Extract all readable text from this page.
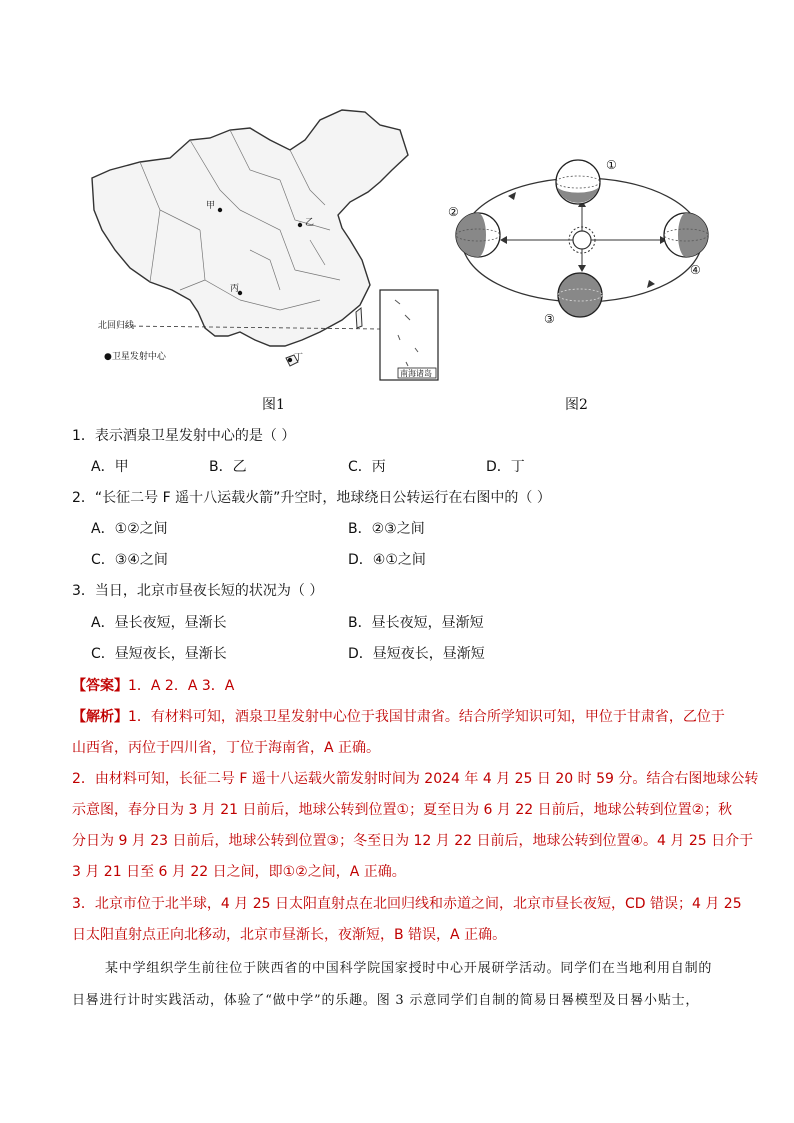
甲
乙
丙
丁
北回归线
●卫星发射中心
南海诸岛
①
②
③
④
图1	图2
1．表示酒泉卫星发射中心的是（ ）
A．甲	B．乙	C．丙	D．丁
2．“长征二号 F 遥十八运载火箭”升空时，地球绕日公转运行在右图中的（ ）
A．①②之间	B．②③之间
C．③④之间	D．④①之间
3．当日，北京市昼夜长短的状况为（ ）
A．昼长夜短，昼渐长	B．昼长夜短，昼渐短
C．昼短夜长，昼渐长	D．昼短夜长，昼渐短
【答案】1．A 2．A 3．A
【解析】1．有材料可知，酒泉卫星发射中心位于我国甘肃省。结合所学知识可知，甲位于甘肃省，乙位于
山西省，丙位于四川省，丁位于海南省，A 正确。
2．由材料可知，长征二号 F 遥十八运载火箭发射时间为 2024 年 4 月 25 日 20 时 59 分。结合右图地球公转
示意图，春分日为 3 月 21 日前后，地球公转到位置①；夏至日为 6 月 22 日前后，地球公转到位置②；秋
分日为 9 月 23 日前后，地球公转到位置③；冬至日为 12 月 22 日前后，地球公转到位置④。4 月 25 日介于
3 月 21 日至 6 月 22 日之间，即①②之间，A 正确。
3．北京市位于北半球，4 月 25 日太阳直射点在北回归线和赤道之间，北京市昼长夜短，CD 错误；4 月 25
日太阳直射点正向北移动，北京市昼渐长，夜渐短，B 错误，A 正确。
某中学组织学生前往位于陕西省的中国科学院国家授时中心开展研学活动。同学们在当地利用自制的
日晷进行计时实践活动，体验了“做中学”的乐趣。图 3 示意同学们自制的简易日晷模型及日晷小贴士，
